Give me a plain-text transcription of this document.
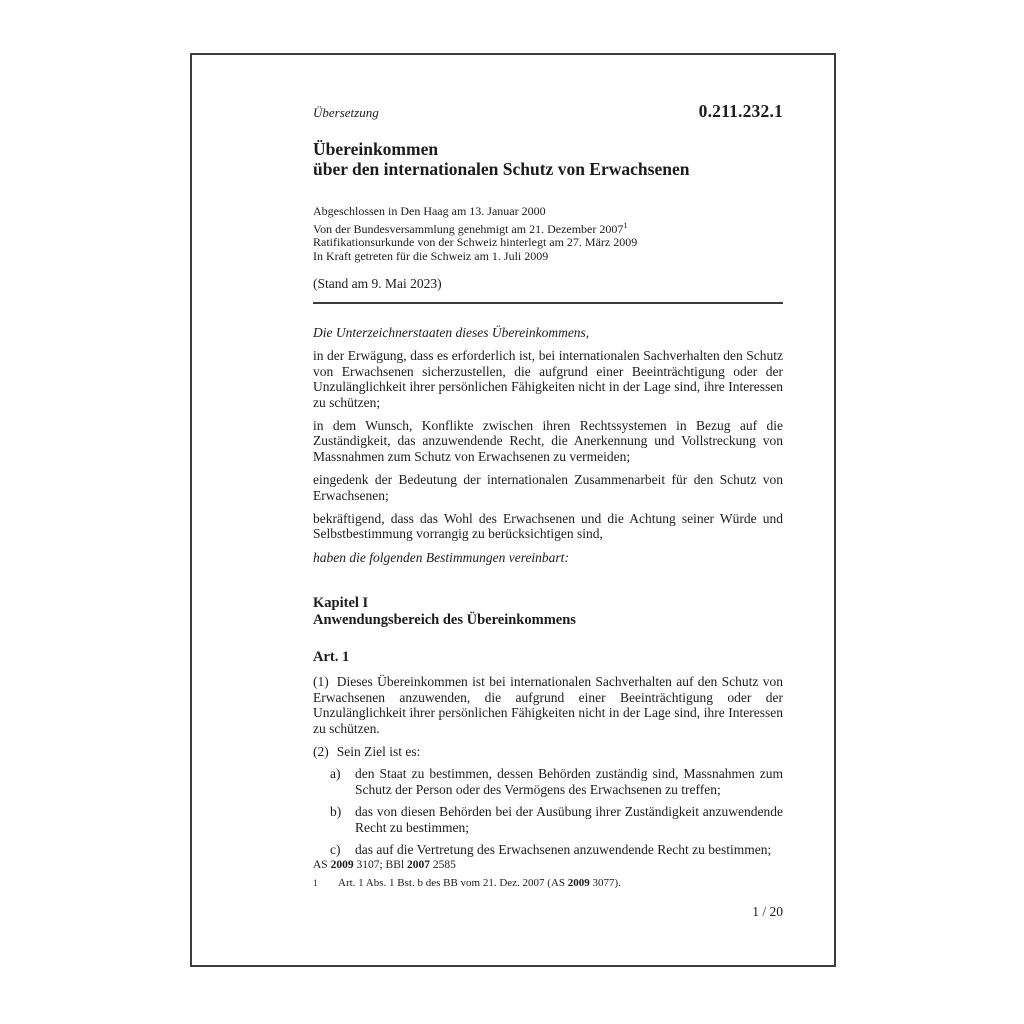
Übersetzung	0.211.232.1
Übereinkommen
über den internationalen Schutz von Erwachsenen
Abgeschlossen in Den Haag am 13. Januar 2000
Von der Bundesversammlung genehmigt am 21. Dezember 2007$^1$
Ratifikationsurkunde von der Schweiz hinterlegt am 27. März 2009
In Kraft getreten für die Schweiz am 1. Juli 2009
(Stand am 9. Mai 2023)

Die Unterzeichnerstaaten dieses Übereinkommens,

in der Erwägung, dass es erforderlich ist, bei internationalen Sachverhalten den Schutz von Erwachsenen sicherzustellen, die aufgrund einer Beeinträchtigung oder der Unzulänglichkeit ihrer persönlichen Fähigkeiten nicht in der Lage sind, ihre Interessen zu schützen;

in dem Wunsch, Konflikte zwischen ihren Rechtssystemen in Bezug auf die Zuständigkeit, das anzuwendende Recht, die Anerkennung und Vollstreckung von Massnahmen zum Schutz von Erwachsenen zu vermeiden;

eingedenk der Bedeutung der internationalen Zusammenarbeit für den Schutz von Erwachsenen;

bekräftigend, dass das Wohl des Erwachsenen und die Achtung seiner Würde und Selbstbestimmung vorrangig zu berücksichtigen sind,

haben die folgenden Bestimmungen vereinbart:

Kapitel I
Anwendungsbereich des Übereinkommens
Art. 1

(1) Dieses Übereinkommen ist bei internationalen Sachverhalten auf den Schutz von Erwachsenen anzuwenden, die aufgrund einer Beeinträchtigung oder der Unzulänglichkeit ihrer persönlichen Fähigkeiten nicht in der Lage sind, ihre Interessen zu schützen.

(2) Sein Ziel ist es:

a)	den Staat zu bestimmen, dessen Behörden zuständig sind, Massnahmen zum Schutz der Person oder des Vermögens des Erwachsenen zu treffen;
b)	das von diesen Behörden bei der Ausübung ihrer Zuständigkeit anzuwendende Recht zu bestimmen;
c)	das auf die Vertretung des Erwachsenen anzuwendende Recht zu bestimmen;
AS 2009 3107; BBl 2007 2585
1	Art. 1 Abs. 1 Bst. b des BB vom 21. Dez. 2007 (AS 2009 3077).
1 / 20
